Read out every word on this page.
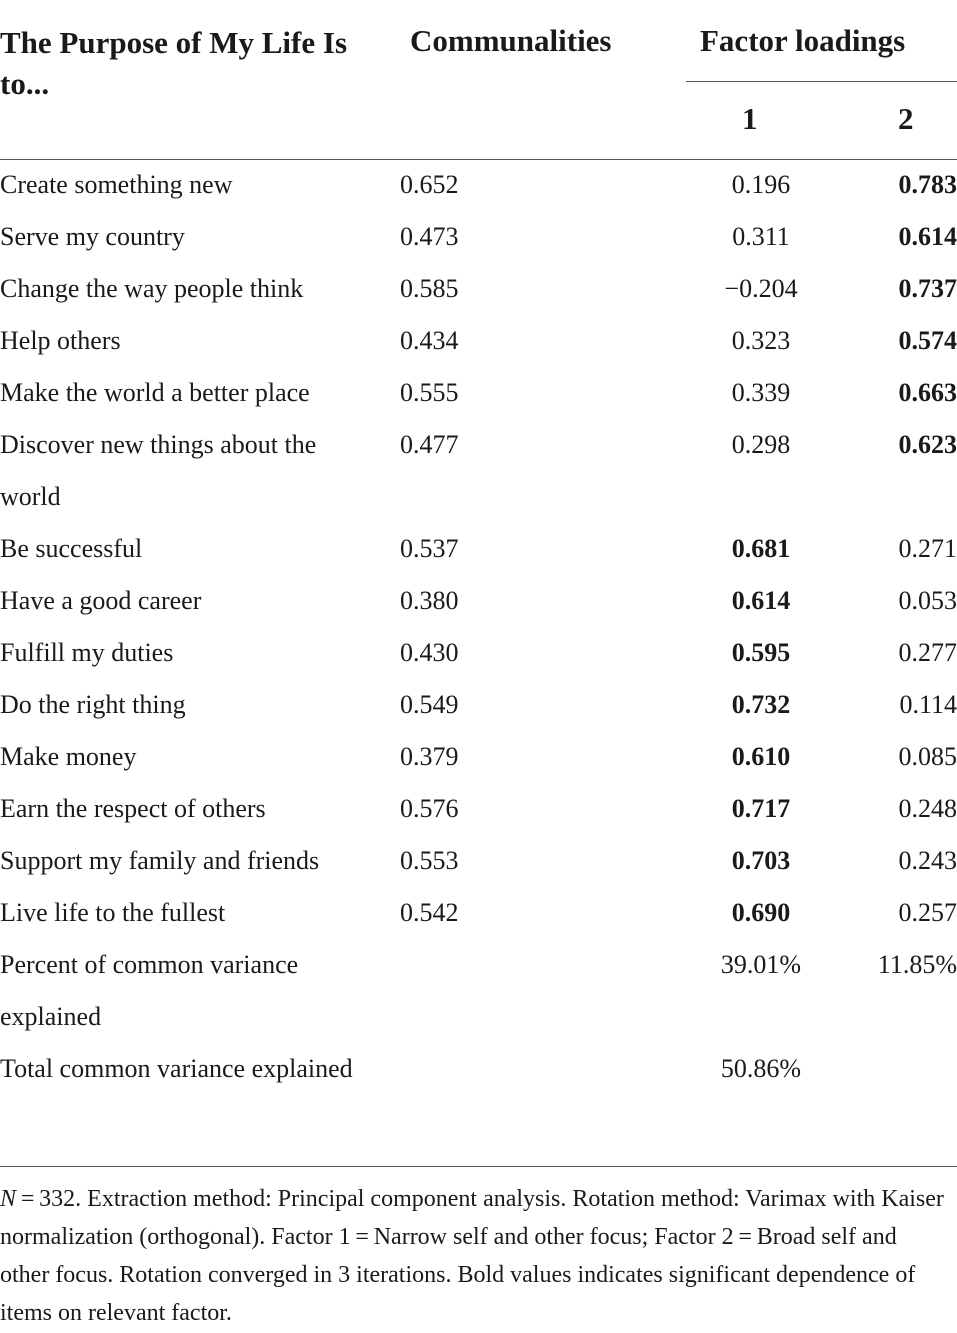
The Purpose of My Life Is to...
Communalities	Factor loadings
1	2
Create something new	0.652	0.196	0.783
Serve my country	0.473	0.311	0.614
Change the way people think	0.585	−0.204	0.737
Help others	0.434	0.323	0.574
Make the world a better place	0.555	0.339	0.663
Discover new things about the world	0.477	0.298	0.623
Be successful	0.537	0.681	0.271
Have a good career	0.380	0.614	0.053
Fulfill my duties	0.430	0.595	0.277
Do the right thing	0.549	0.732	0.114
Make money	0.379	0.610	0.085
Earn the respect of others	0.576	0.717	0.248
Support my family and friends	0.553	0.703	0.243
Live life to the fullest	0.542	0.690	0.257
Percent of common variance explained		39.01%	11.85%
Total common variance explained		50.86%	
N = 332. Extraction method: Principal component analysis. Rotation method: Varimax with Kaiser normalization (orthogonal). Factor 1 = Narrow self and other focus; Factor 2 = Broad self and other focus. Rotation converged in 3 iterations. Bold values indicates significant dependence of items on relevant factor.
